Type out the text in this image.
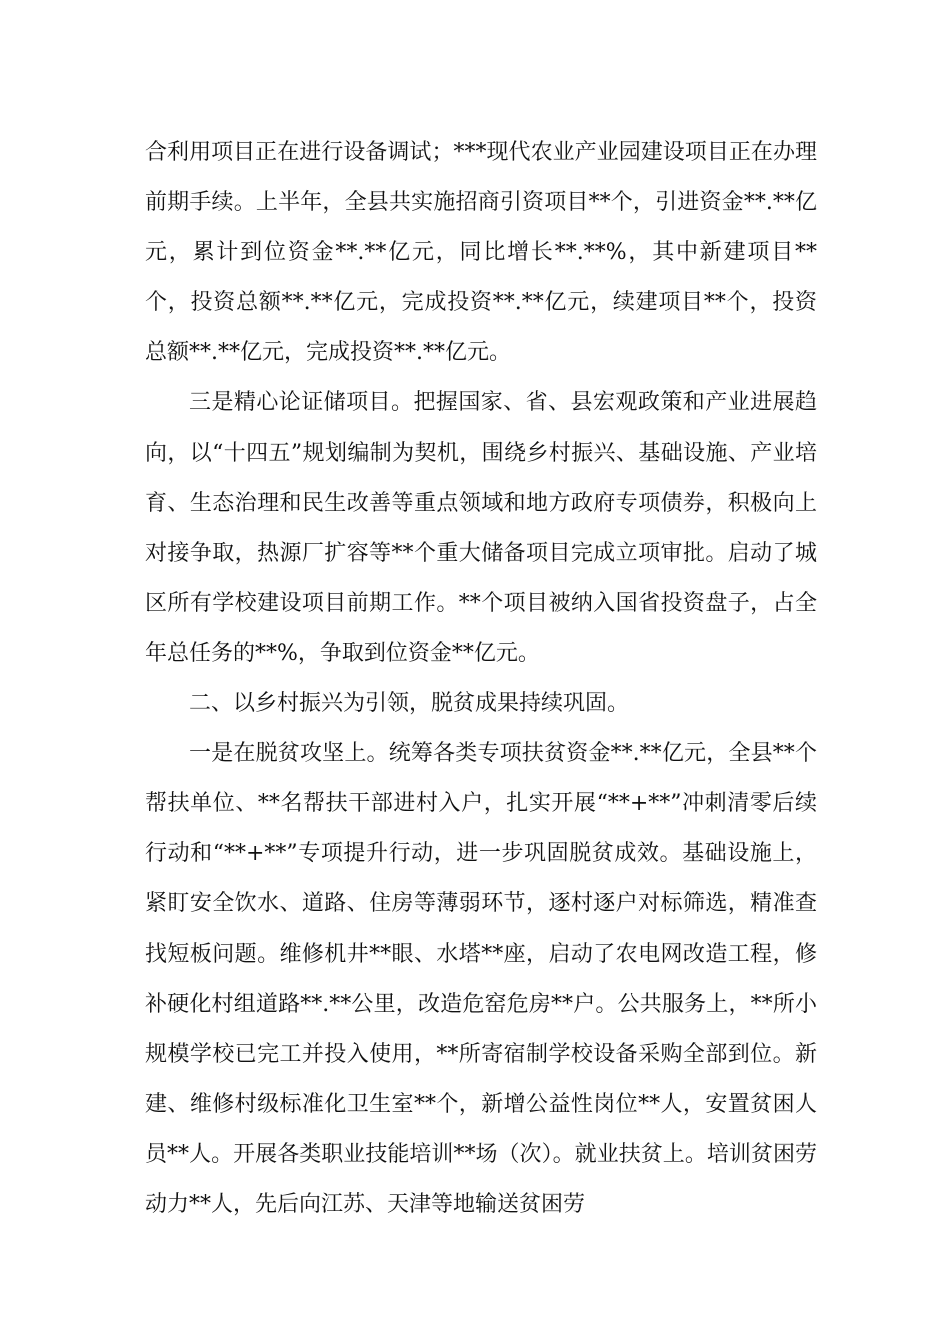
合利用项目正在进行设备调试；***现代农业产业园建设项目正在办理前期手续。上半年，全县共实施招商引资项目**个，引进资金**.**亿元，累计到位资金**.**亿元，同比增长**.**%，其中新建项目**个，投资总额**.**亿元，完成投资**.**亿元，续建项目**个，投资总额**.**亿元，完成投资**.**亿元。

三是精心论证储项目。把握国家、省、县宏观政策和产业进展趋向，以“十四五”规划编制为契机，围绕乡村振兴、基础设施、产业培育、生态治理和民生改善等重点领域和地方政府专项债券，积极向上对接争取，热源厂扩容等**个重大储备项目完成立项审批。启动了城区所有学校建设项目前期工作。**个项目被纳入国省投资盘子，占全年总任务的**%，争取到位资金**亿元。

二、以乡村振兴为引领，脱贫成果持续巩固。

一是在脱贫攻坚上。统筹各类专项扶贫资金**.**亿元，全县**个帮扶单位、**名帮扶干部进村入户，扎实开展“**+**”冲刺清零后续行动和“**+**”专项提升行动，进一步巩固脱贫成效。基础设施上，紧盯安全饮水、道路、住房等薄弱环节，逐村逐户对标筛选，精准查找短板问题。维修机井**眼、水塔**座，启动了农电网改造工程，修补硬化村组道路**.**公里，改造危窑危房**户。公共服务上，**所小规模学校已完工并投入使用，**所寄宿制学校设备采购全部到位。新建、维修村级标准化卫生室**个，新增公益性岗位**人，安置贫困人员**人。开展各类职业技能培训**场（次）。就业扶贫上。培训贫困劳动力**人，先后向江苏、天津等地输送贫困劳
